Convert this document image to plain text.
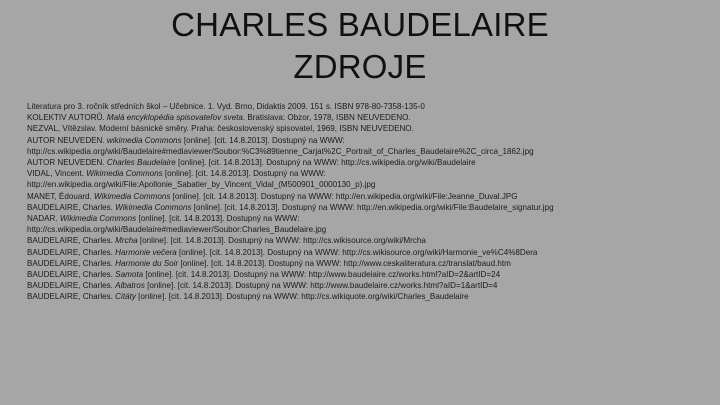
CHARLES BAUDELAIRE
ZDROJE
Literatura pro 3. ročník středních škol – Učebnice. 1. Vyd. Brno, Didaktis 2009. 151 s. ISBN 978-80-7358-135-0
KOLEKTIV AUTORŮ. Malá encyklopédia spisovateľov sveta. Bratislava: Obzor, 1978, ISBN NEUVEDENO.
NEZVAL, Vítězslav. Moderní básnické směry. Praha: československý spisovatel, 1969, ISBN NEUVEDENO.
AUTOR NEUVEDEN. wikimedia Commons [online]. [cit. 14.8.2013]. Dostupný na WWW:
http://cs.wikipedia.org/wiki/Baudelaire#mediaviewer/Soubor:%C3%89tienne_Carjat%2C_Portrait_of_Charles_Baudelaire%2C_circa_1862.jpg
AUTOR NEUVEDEN. Charles Baudelaire [online]. [cit. 14.8.2013]. Dostupný na WWW: http://cs.wikipedia.org/wiki/Baudelaire
VIDAL, Vincent. Wikimedia Commons [online]. [cit. 14.8.2013]. Dostupný na WWW:
http://en.wikipedia.org/wiki/File:Apollonie_Sabatier_by_Vincent_Vidal_(M500901_0000130_p).jpg
MANET, Édouard. Wikimedia Commons [online]. [cit. 14.8.2013]. Dostupný na WWW: http://en.wikipedia.org/wiki/File:Jeanne_Duval.JPG
BAUDELAIRE, Charles. Wikimedia Commons [online]. [cit. 14.8.2013]. Dostupný na WWW: http://en.wikipedia.org/wiki/File:Baudelaire_signatur.jpg
NADAR. Wikimedia Commons [online]. [cit. 14.8.2013]. Dostupný na WWW:
http://cs.wikipedia.org/wiki/Baudelaire#mediaviewer/Soubor:Charles_Baudelaire.jpg
BAUDELAIRE, Charles. Mrcha [online]. [cit. 14.8.2013]. Dostupný na WWW: http://cs.wikisource.org/wiki/Mrcha
BAUDELAIRE, Charles. Harmonie večera [online]. [cit. 14.8.2013]. Dostupný na WWW: http://cs.wikisource.org/wiki/Harmonie_ve%C4%8Dera
BAUDELAIRE, Charles. Harmonie du Soir [online]. [cit. 14.8.2013]. Dostupný na WWW: http://www.ceskaliteratura.cz/translat/baud.htm
BAUDELAIRE, Charles. Samota [online]. [cit. 14.8.2013]. Dostupný na WWW: http://www.baudelaire.cz/works.html?aID=2&artID=24
BAUDELAIRE, Charles. Albatros [online]. [cit. 14.8.2013]. Dostupný na WWW: http://www.baudelaire.cz/works.html?aID=1&artID=4
BAUDELAIRE, Charles. Citáty [online]. [cit. 14.8.2013]. Dostupný na WWW: http://cs.wikiquote.org/wiki/Charles_Baudelaire
